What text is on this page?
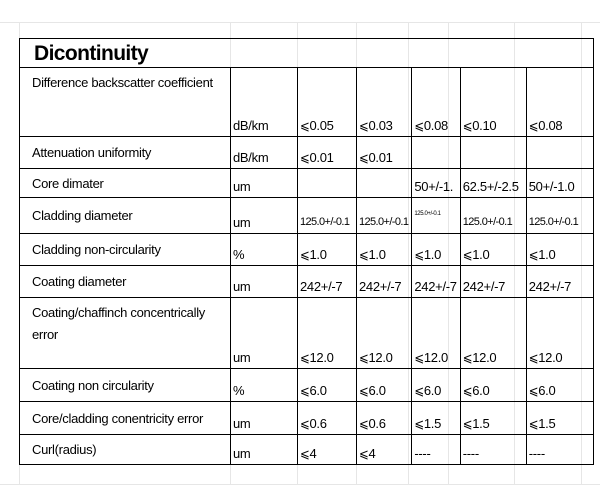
Dicontinuity						
Difference backscatter coefficient	dB/km	⩽0.05	⩽0.03	⩽0.08	⩽0.10	⩽0.08
Attenuation uniformity	dB/km	⩽0.01	⩽0.01			
Core dimater	um			50+/-1.	62.5+/-2.5	50+/-1.0
Cladding diameter	um	125.0+/-0.1	125.0+/-0.1	125.0+/-0.1	125.0+/-0.1	125.0+/-0.1
Cladding non-circularity	%	⩽1.0	⩽1.0	⩽1.0	⩽1.0	⩽1.0
Coating diameter	um	242+/-7	242+/-7	242+/-7	242+/-7	242+/-7
Coating/chaffinch concentrically error	um	⩽12.0	⩽12.0	⩽12.0	⩽12.0	⩽12.0
Coating non circularity	%	⩽6.0	⩽6.0	⩽6.0	⩽6.0	⩽6.0
Core/cladding conentricity error	um	⩽0.6	⩽0.6	⩽1.5	⩽1.5	⩽1.5
Curl(radius)	um	⩽4	⩽4	----	----	----
